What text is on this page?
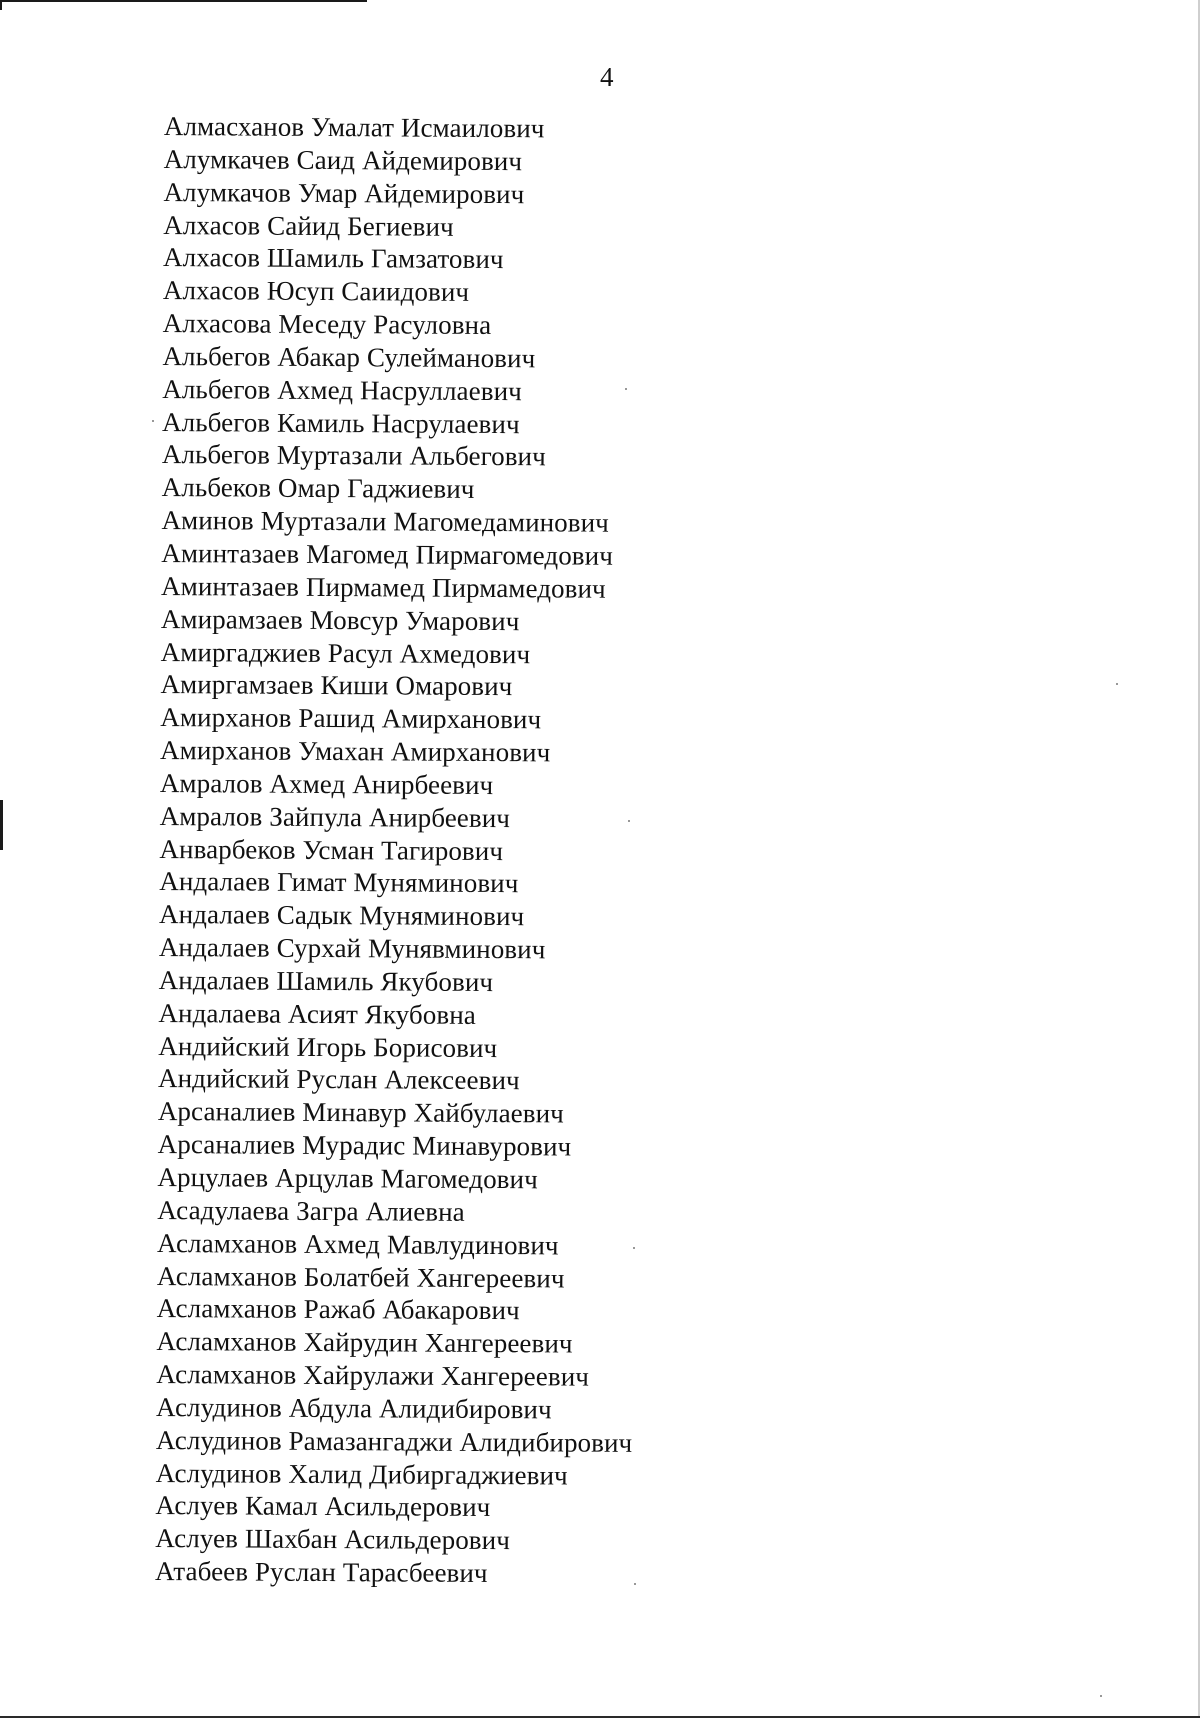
4
Алмасханов Умалат Исмаилович
Алумкачев Саид Айдемирович
Алумкачов Умар Айдемирович
Алхасов Сайид Бегиевич
Алхасов Шамиль Гамзатович
Алхасов Юсуп Саиидович
Алхасова Меседу Расуловна
Альбегов Абакар Сулейманович
Альбегов Ахмед Насруллаевич
Альбегов Камиль Насрулаевич
Альбегов Муртазали Альбегович
Альбеков Омар Гаджиевич
Аминов Муртазали Магомедаминович
Аминтазаев Магомед Пирмагомедович
Аминтазаев Пирмамед Пирмамедович
Амирамзаев Мовсур Умарович
Амиргаджиев Расул Ахмедович
Амиргамзаев Киши Омарович
Амирханов Рашид Амирханович
Амирханов Умахан Амирханович
Амралов Ахмед Анирбеевич
Амралов Зайпула Анирбеевич
Анварбеков Усман Тагирович
Андалаев Гимат Муняминович
Андалаев Садык Муняминович
Андалаев Сурхай Мунявминович
Андалаев Шамиль Якубович
Андалаева Асият Якубовна
Андийский Игорь Борисович
Андийский Руслан Алексеевич
Арсаналиев Минавур Хайбулаевич
Арсаналиев Мурадис Минавурович
Арцулаев Арцулав Магомедович
Асадулаева Загра Алиевна
Асламханов Ахмед Мавлудинович
Асламханов Болатбей Хангереевич
Асламханов Ражаб Абакарович
Асламханов Хайрудин Хангереевич
Асламханов Хайрулажи Хангереевич
Аслудинов Абдула Алидибирович
Аслудинов Рамазангаджи Алидибирович
Аслудинов Халид Дибиргаджиевич
Аслуев Камал Асильдерович
Аслуев Шахбан Асильдерович
Атабеев Руслан Тарасбеевич
